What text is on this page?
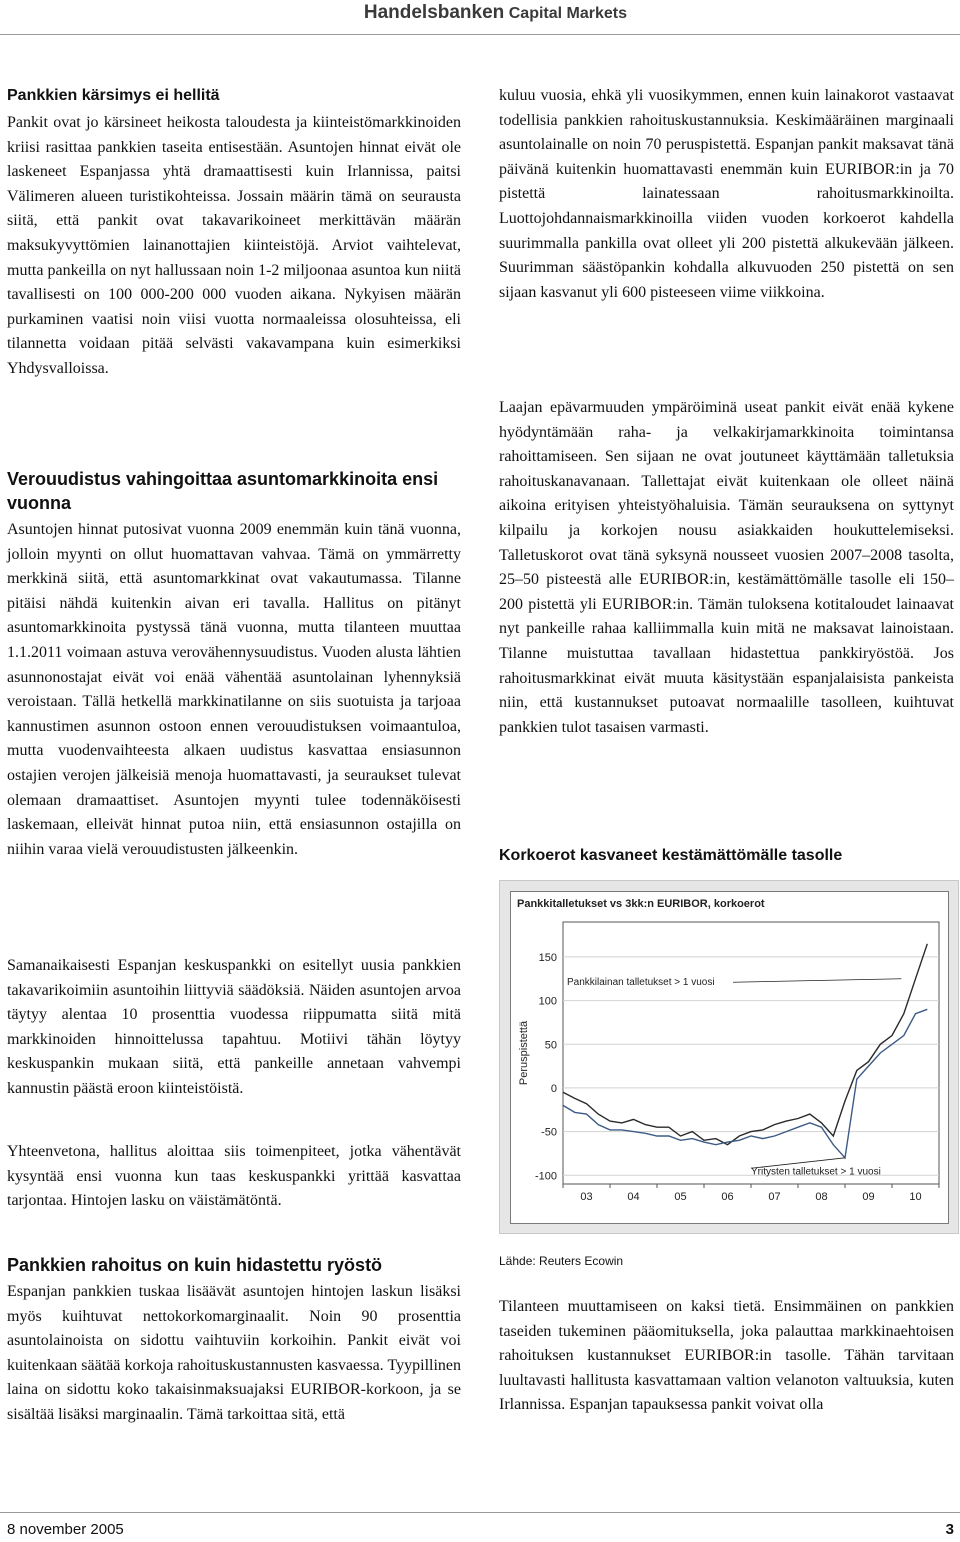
Handelsbanken Capital Markets
Pankkien kärsimys ei hellitä

Pankit ovat jo kärsineet heikosta taloudesta ja kiinteistömarkkinoiden kriisi rasittaa pankkien taseita entisestään. Asuntojen hinnat eivät ole laskeneet Espanjassa yhtä dramaattisesti kuin Irlannissa, paitsi Välimeren alueen turistikohteissa. Jossain määrin tämä on seurausta siitä, että pankit ovat takavarikoineet merkittävän määrän maksukyvyttömien lainanottajien kiinteistöjä. Arviot vaihtelevat, mutta pankeilla on nyt hallussaan noin 1-2 miljoonaa asuntoa kun niitä tavallisesti on 100 000-200 000 vuoden aikana. Nykyisen määrän purkaminen vaatisi noin viisi vuotta normaaleissa olosuhteissa, eli tilannetta voidaan pitää selvästi vakavampana kuin esimerkiksi Yhdysvalloissa.

Verouudistus vahingoittaa asuntomarkkinoita ensi vuonna

Asuntojen hinnat putosivat vuonna 2009 enemmän kuin tänä vuonna, jolloin myynti on ollut huomattavan vahvaa. Tämä on ymmärretty merkkinä siitä, että asuntomarkkinat ovat vakautumassa. Tilanne pitäisi nähdä kuitenkin aivan eri tavalla. Hallitus on pitänyt asuntomarkkinoita pystyssä tänä vuonna, mutta tilanteen muuttaa 1.1.2011 voimaan astuva verovähennysuudistus. Vuoden alusta lähtien asunnonostajat eivät voi enää vähentää asuntolainan lyhennyksiä veroistaan. Tällä hetkellä markkinatilanne on siis suotuista ja tarjoaa kannustimen asunnon ostoon ennen verouudistuksen voimaantuloa, mutta vuodenvaihteesta alkaen uudistus kasvattaa ensiasunnon ostajien verojen jälkeisiä menoja huomattavasti, ja seuraukset tulevat olemaan dramaattiset. Asuntojen myynti tulee todennäköisesti laskemaan, elleivät hinnat putoa niin, että ensiasunnon ostajilla on niihin varaa vielä verouudistusten jälkeenkin.

Samanaikaisesti Espanjan keskuspankki on esitellyt uusia pankkien takavarikoimiin asuntoihin liittyviä säädöksiä. Näiden asuntojen arvoa täytyy alentaa 10 prosenttia vuodessa riippumatta siitä mitä markkinoiden hinnoittelussa tapahtuu. Motiivi tähän löytyy keskuspankin mukaan siitä, että pankeille annetaan vahvempi kannustin päästä eroon kiinteistöistä.

Yhteenvetona, hallitus aloittaa siis toimenpiteet, jotka vähentävät kysyntää ensi vuonna kun taas keskuspankki yrittää kasvattaa tarjontaa. Hintojen lasku on väistämätöntä.

Pankkien rahoitus on kuin hidastettu ryöstö

Espanjan pankkien tuskaa lisäävät asuntojen hintojen laskun lisäksi myös kuihtuvat nettokorkomarginaalit. Noin 90 prosenttia asuntolainoista on sidottu vaihtuviin korkoihin. Pankit eivät voi kuitenkaan säätää korkoja rahoituskustannusten kasvaessa. Tyypillinen laina on sidottu koko takaisinmaksuajaksi EURIBOR-korkoon, ja se sisältää lisäksi marginaalin. Tämä tarkoittaa sitä, että

kuluu vuosia, ehkä yli vuosikymmen, ennen kuin lainakorot vastaavat todellisia pankkien rahoituskustannuksia. Keskimääräinen marginaali asuntolainalle on noin 70 peruspistettä. Espanjan pankit maksavat tänä päivänä kuitenkin huomattavasti enemmän kuin EURIBOR:in ja 70 pistettä lainatessaan rahoitusmarkkinoilta. Luottojohdannaismarkkinoilla viiden vuoden korkoerot kahdella suurimmalla pankilla ovat olleet yli 200 pistettä alkukevään jälkeen. Suurimman säästöpankin kohdalla alkuvuoden 250 pistettä on sen sijaan kasvanut yli 600 pisteeseen viime viikkoina.

Laajan epävarmuuden ympäröiminä useat pankit eivät enää kykene hyödyntämään raha- ja velkakirjamarkkinoita toimintansa rahoittamiseen. Sen sijaan ne ovat joutuneet käyttämään talletuksia rahoituskanavanaan. Tallettajat eivät kuitenkaan ole olleet näinä aikoina erityisen yhteistyöhaluisia. Tämän seurauksena on syttynyt kilpailu ja korkojen nousu asiakkaiden houkuttelemiseksi. Talletuskorot ovat tänä syksynä nousseet vuosien 2007–2008 tasolta, 25–50 pisteestä alle EURIBOR:in, kestämättömälle tasolle eli 150–200 pistettä yli EURIBOR:in. Tämän tuloksena kotitaloudet lainaavat nyt pankeille rahaa kalliimmalla kuin mitä ne maksavat lainoistaan. Tilanne muistuttaa tavallaan hidastettua pankkiryöstöä. Jos rahoitusmarkkinat eivät muuta käsitystään espanjalaisista pankeista niin, että kustannukset putoavat normaalille tasolleen, kuihtuvat pankkien tulot tasaisen varmasti.

Korkoerot kasvaneet kestämättömälle tasolle
Lähde: Reuters Ecowin

Tilanteen muuttamiseen on kaksi tietä. Ensimmäinen on pankkien taseiden tukeminen pääomituksella, joka palauttaa markkinaehtoisen rahoituksen kustannukset EURIBOR:in tasolle. Tähän tarvitaan luultavasti hallitusta kasvattamaan valtion velanoton valtuuksia, kuten Irlannissa. Espanjan tapauksessa pankit voivat olla

-100
-50
0
50
100
150
03	04	05	06	07	08	09	10
Peruspistettä
Pankkitalletukset vs 3kk:n EURIBOR, korkoerot
Pankkilainan talletukset > 1 vuosi
Yritysten talletukset > 1 vuosi
8 november 2005	3
